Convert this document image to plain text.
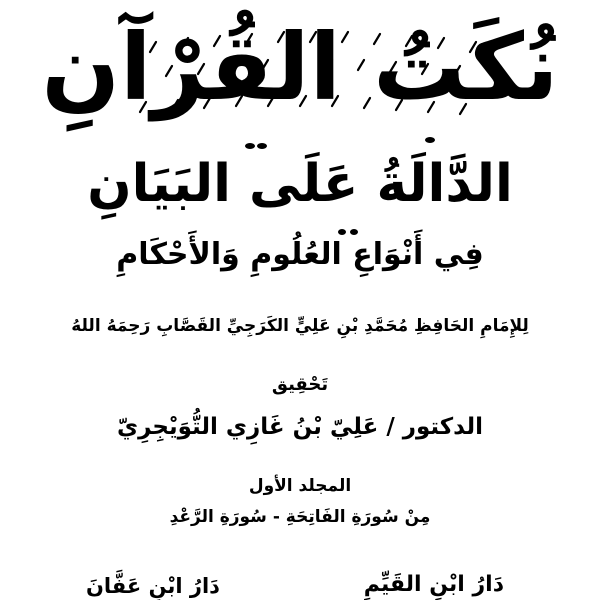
نُكَتُ القُرْآنِ
الدَّالَةُ عَلَى البَيَانِ
فِي أَنْوَاعِ العُلُومِ وَالأَحْكَامِ
لِلإِمَامِ الحَافِظِ مُحَمَّدِ بْنِ عَلِيٍّ الكَرَجِيِّ القَصَّابِ رَحِمَهُ اللهُ
تَحْقِيق
الدكتور / عَلِيّ بْنُ غَازِي التُّوَيْجِرِيّ
المجلد الأول
مِنْ سُورَةِ الفَاتِحَةِ - سُورَةِ الرَّعْدِ
دَارُ ابْنِ القَيِّمِ
دَارُ ابْنِ عَفَّانَ
